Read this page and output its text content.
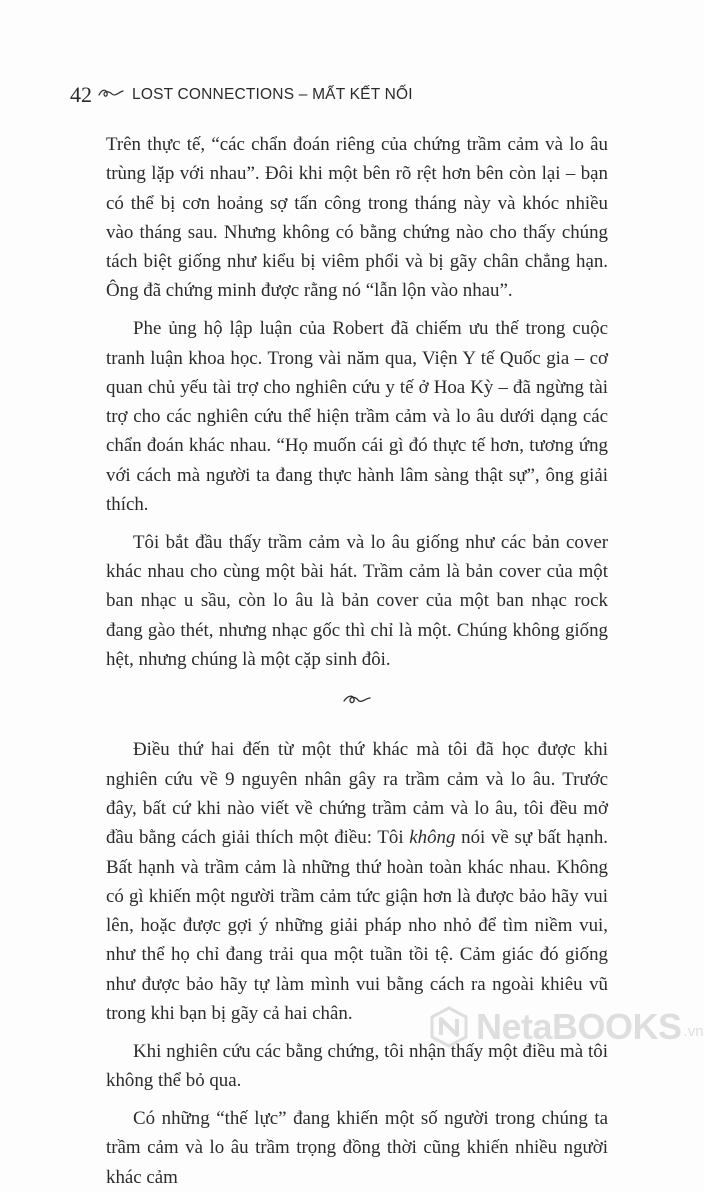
42	LOST CONNECTIONS – MẤT KẾT NỐI

Trên thực tế, “các chẩn đoán riêng của chứng trầm cảm và lo âu trùng lặp với nhau”. Đôi khi một bên rõ rệt hơn bên còn lại – bạn có thể bị cơn hoảng sợ tấn công trong tháng này và khóc nhiều vào tháng sau. Nhưng không có bằng chứng nào cho thấy chúng tách biệt giống như kiểu bị viêm phổi và bị gãy chân chẳng hạn. Ông đã chứng minh được rằng nó “lẫn lộn vào nhau”.

Phe ủng hộ lập luận của Robert đã chiếm ưu thế trong cuộc tranh luận khoa học. Trong vài năm qua, Viện Y tế Quốc gia – cơ quan chủ yếu tài trợ cho nghiên cứu y tế ở Hoa Kỳ – đã ngừng tài trợ cho các nghiên cứu thể hiện trầm cảm và lo âu dưới dạng các chẩn đoán khác nhau. “Họ muốn cái gì đó thực tế hơn, tương ứng với cách mà người ta đang thực hành lâm sàng thật sự”, ông giải thích.

Tôi bắt đầu thấy trầm cảm và lo âu giống như các bản cover khác nhau cho cùng một bài hát. Trầm cảm là bản cover của một ban nhạc u sầu, còn lo âu là bản cover của một ban nhạc rock đang gào thét, nhưng nhạc gốc thì chỉ là một. Chúng không giống hệt, nhưng chúng là một cặp sinh đôi.

Điều thứ hai đến từ một thứ khác mà tôi đã học được khi nghiên cứu về 9 nguyên nhân gây ra trầm cảm và lo âu. Trước đây, bất cứ khi nào viết về chứng trầm cảm và lo âu, tôi đều mở đầu bằng cách giải thích một điều: Tôi không nói về sự bất hạnh. Bất hạnh và trầm cảm là những thứ hoàn toàn khác nhau. Không có gì khiến một người trầm cảm tức giận hơn là được bảo hãy vui lên, hoặc được gợi ý những giải pháp nho nhỏ để tìm niềm vui, như thể họ chỉ đang trải qua một tuần tồi tệ. Cảm giác đó giống như được bảo hãy tự làm mình vui bằng cách ra ngoài khiêu vũ trong khi bạn bị gãy cả hai chân.

Khi nghiên cứu các bằng chứng, tôi nhận thấy một điều mà tôi không thể bỏ qua.

Có những “thế lực” đang khiến một số người trong chúng ta trầm cảm và lo âu trầm trọng đồng thời cũng khiến nhiều người khác cảm

NetaBOOKS .vn
